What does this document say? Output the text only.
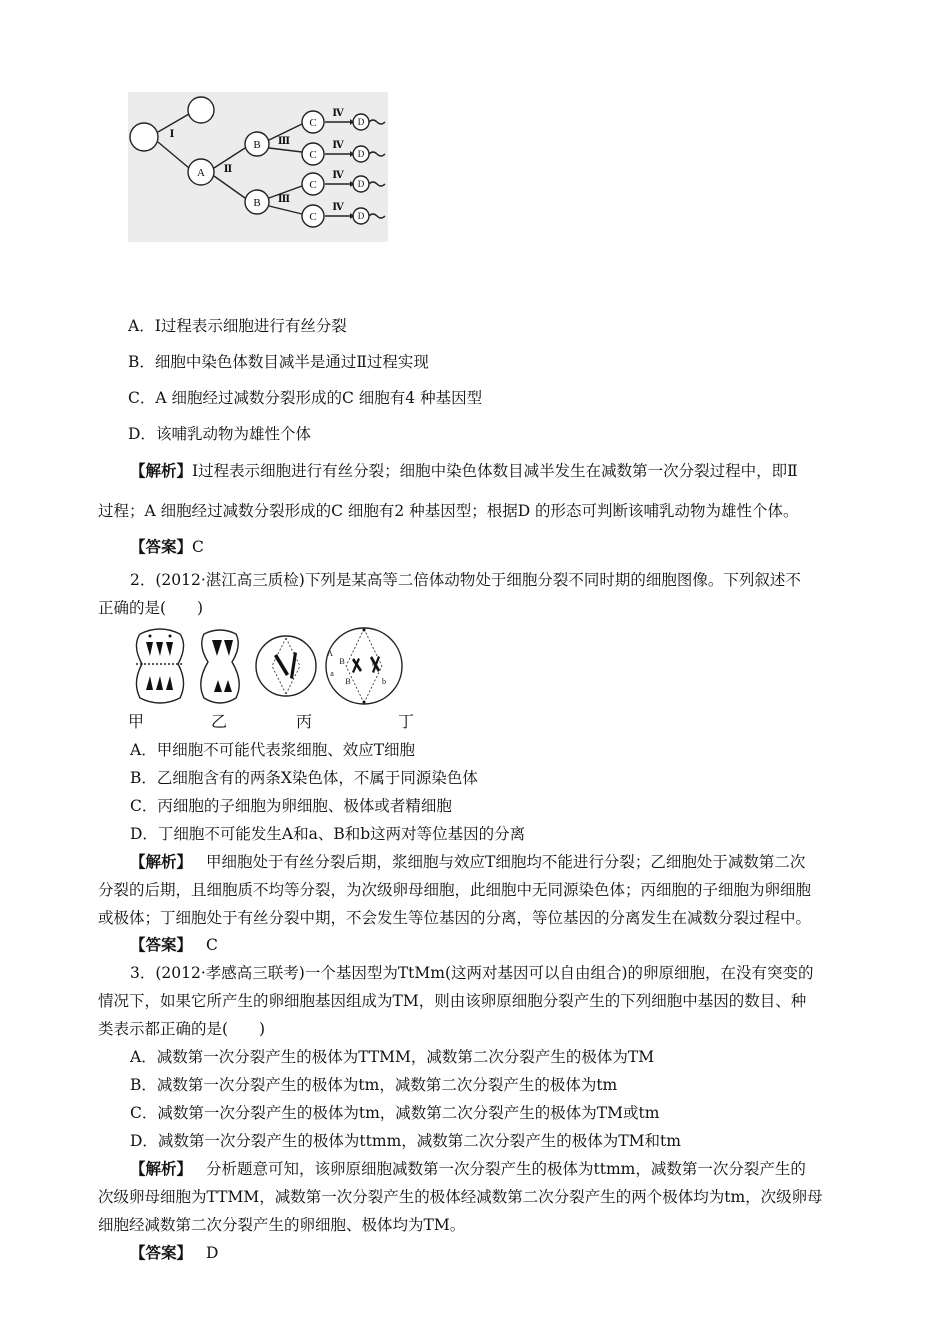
Ⅰ
Ⅱ
Ⅲ
Ⅲ
Ⅳ
Ⅳ
Ⅳ
Ⅳ
A
B
B
C
C
C
C
D
D
D
D
A．Ⅰ过程表示细胞进行有丝分裂
B．细胞中染色体数目减半是通过Ⅱ过程实现
C．A 细胞经过减数分裂形成的C 细胞有4 种基因型
D．该哺乳动物为雄性个体
【解析】Ⅰ过程表示细胞进行有丝分裂；细胞中染色体数目减半发生在减数第一次分裂过程中，即Ⅱ
过程；A 细胞经过减数分裂形成的C 细胞有2 种基因型；根据D 的形态可判断该哺乳动物为雄性个体。
【答案】C
2．(2012·湛江高三质检)下列是某高等二倍体动物处于细胞分裂不同时期的细胞图像。下列叙述不
正确的是(　　)
A
a
B
B
b
b
甲	乙	丙	丁
A．甲细胞不可能代表浆细胞、效应T细胞
B．乙细胞含有的两条X染色体，不属于同源染色体
C．丙细胞的子细胞为卵细胞、极体或者精细胞
D．丁细胞不可能发生A和a、B和b这两对等位基因的分离
【解析】 甲细胞处于有丝分裂后期，浆细胞与效应T细胞均不能进行分裂；乙细胞处于减数第二次
分裂的后期，且细胞质不均等分裂，为次级卵母细胞，此细胞中无同源染色体；丙细胞的子细胞为卵细胞
或极体；丁细胞处于有丝分裂中期，不会发生等位基因的分离，等位基因的分离发生在减数分裂过程中。
【答案】 C
3．(2012·孝感高三联考)一个基因型为TtMm(这两对基因可以自由组合)的卵原细胞，在没有突变的
情况下，如果它所产生的卵细胞基因组成为TM，则由该卵原细胞分裂产生的下列细胞中基因的数目、种
类表示都正确的是(　　)
A．减数第一次分裂产生的极体为TTMM，减数第二次分裂产生的极体为TM
B．减数第一次分裂产生的极体为tm，减数第二次分裂产生的极体为tm
C．减数第一次分裂产生的极体为tm，减数第二次分裂产生的极体为TM或tm
D．减数第一次分裂产生的极体为ttmm，减数第二次分裂产生的极体为TM和tm
【解析】 分析题意可知，该卵原细胞减数第一次分裂产生的极体为ttmm，减数第一次分裂产生的
次级卵母细胞为TTMM，减数第一次分裂产生的极体经减数第二次分裂产生的两个极体均为tm，次级卵母
细胞经减数第二次分裂产生的卵细胞、极体均为TM。
【答案】 D
